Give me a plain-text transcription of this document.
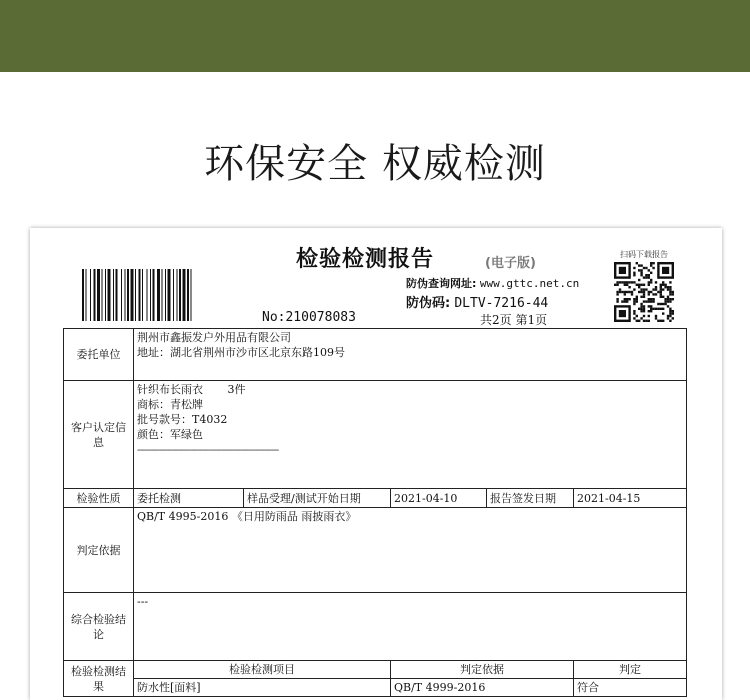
环保安全 权威检测
检验检测报告	(电子版)
防伪查询网址: www.gttc.net.cn
防伪码: DLTV-7216-44
共2页 第1页
No:210078083
扫码下载报告
委托单位	荆州市鑫振发户外用品有限公司
地址：湖北省荆州市沙市区北京东路109号				

客户认定信息	针织布长雨衣       3件
商标：青松牌
批号款号：T4032
颜色：军绿色
----------------------------------------------------				

检验性质	委托检测	样品受理/测试开始日期	2021-04-10	报告签发日期	2021-04-15
判定依据	QB/T 4995-2016 《日用防雨品 雨披雨衣》				
综合检验结论	---				
检验检测结果	检验检测项目		判定依据		判定
	防水性[面料]		QB/T 4999-2016		符合
